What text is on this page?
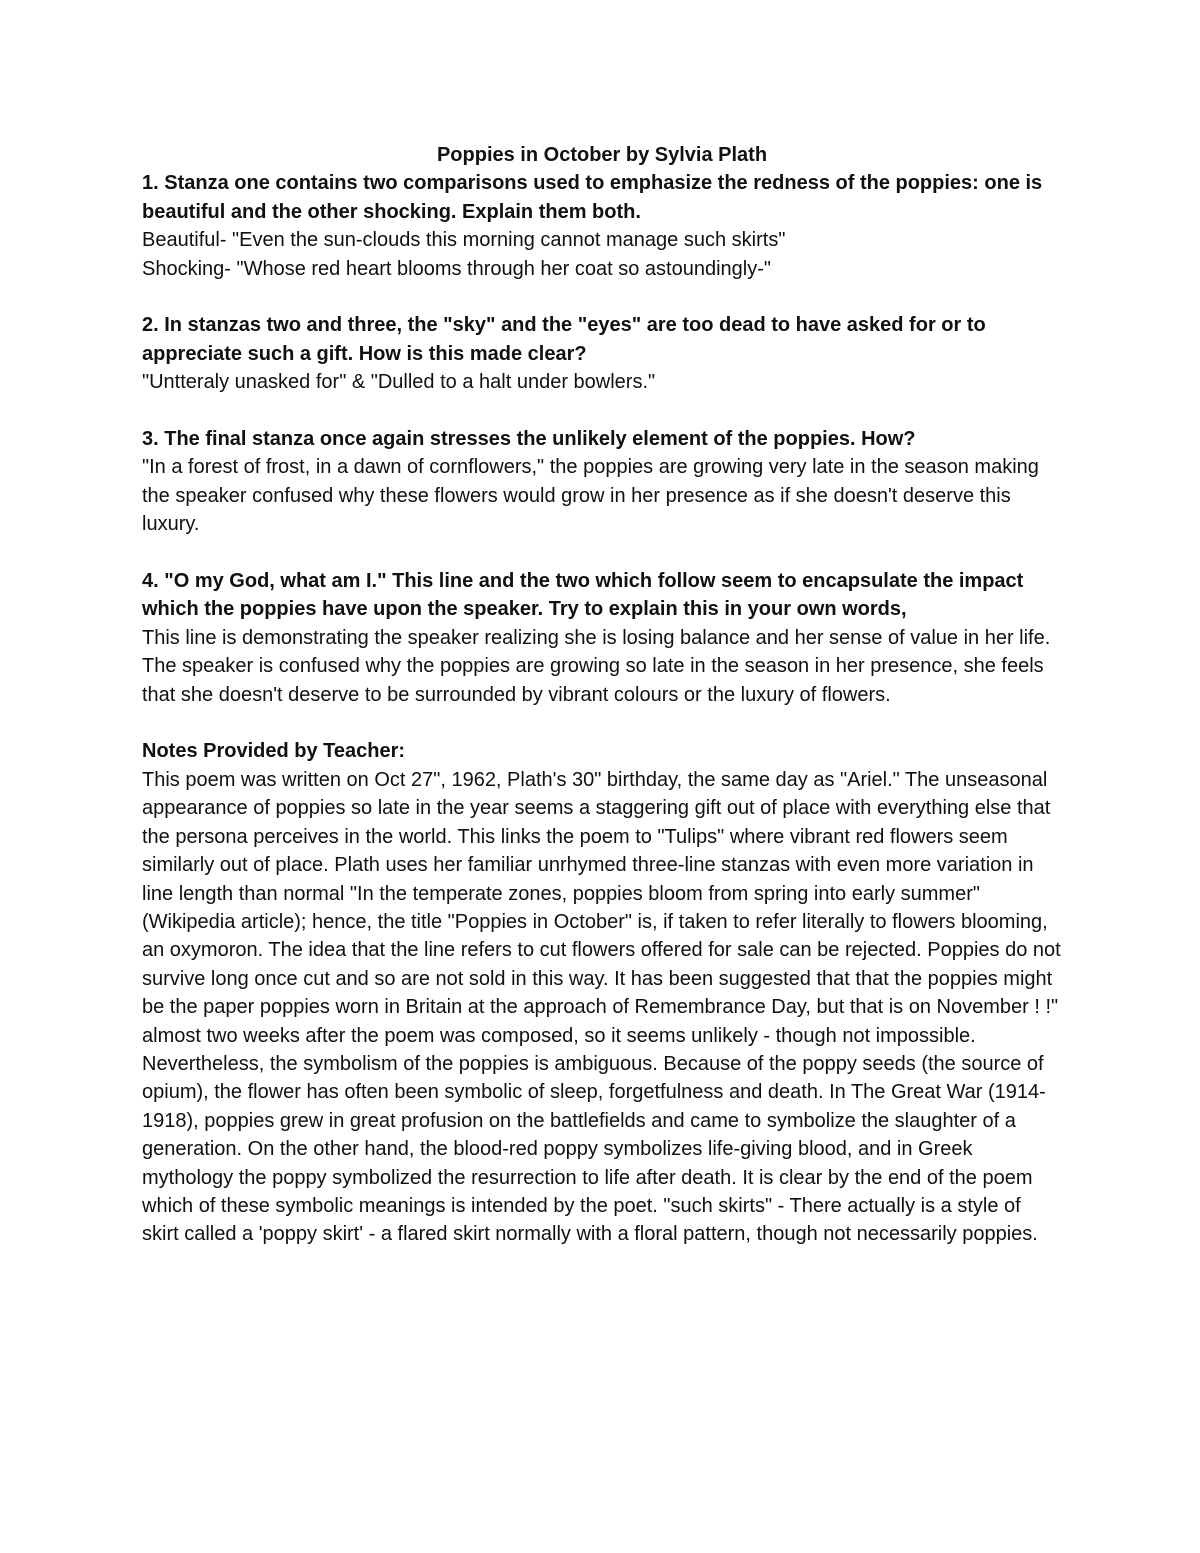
Poppies in October by Sylvia Plath

1. Stanza one contains two comparisons used to emphasize the redness of the poppies: one is beautiful and the other shocking. Explain them both.

Beautiful- "Even the sun-clouds this morning cannot manage such skirts"

Shocking- "Whose red heart blooms through her coat so astoundingly-"

2. In stanzas two and three, the "sky" and the "eyes" are too dead to have asked for or to appreciate such a gift. How is this made clear?

"Untteraly unasked for" & "Dulled to a halt under bowlers."

3. The final stanza once again stresses the unlikely element of the poppies. How?

"In a forest of frost, in a dawn of cornflowers," the poppies are growing very late in the season making the speaker confused why these flowers would grow in her presence as if she doesn't deserve this luxury.

4. "O my God, what am I." This line and the two which follow seem to encapsulate the impact which the poppies have upon the speaker. Try to explain this in your own words,

This line is demonstrating the speaker realizing she is losing balance and her sense of value in her life. The speaker is confused why the poppies are growing so late in the season in her presence, she feels that she doesn't deserve to be surrounded by vibrant colours or the luxury of flowers.

Notes Provided by Teacher:

This poem was written on Oct 27", 1962, Plath's 30" birthday, the same day as "Ariel." The unseasonal appearance of poppies so late in the year seems a staggering gift out of place with everything else that the persona perceives in the world. This links the poem to "Tulips" where vibrant red flowers seem similarly out of place. Plath uses her familiar unrhymed three-line stanzas with even more variation in line length than normal "In the temperate zones, poppies bloom from spring into early summer" (Wikipedia article); hence, the title "Poppies in October" is, if taken to refer literally to flowers blooming, an oxymoron. The idea that the line refers to cut flowers offered for sale can be rejected. Poppies do not survive long once cut and so are not sold in this way. It has been suggested that that the poppies might be the paper poppies worn in Britain at the approach of Remembrance Day, but that is on November ! !" almost two weeks after the poem was composed, so it seems unlikely - though not impossible. Nevertheless, the symbolism of the poppies is ambiguous. Because of the poppy seeds (the source of opium), the flower has often been symbolic of sleep, forgetfulness and death. In The Great War (1914-1918), poppies grew in great profusion on the battlefields and came to symbolize the slaughter of a generation. On the other hand, the blood-red poppy symbolizes life-giving blood, and in Greek mythology the poppy symbolized the resurrection to life after death. It is clear by the end of the poem which of these symbolic meanings is intended by the poet. "such skirts" - There actually is a style of skirt called a 'poppy skirt' - a flared skirt normally with a floral pattern, though not necessarily poppies.
